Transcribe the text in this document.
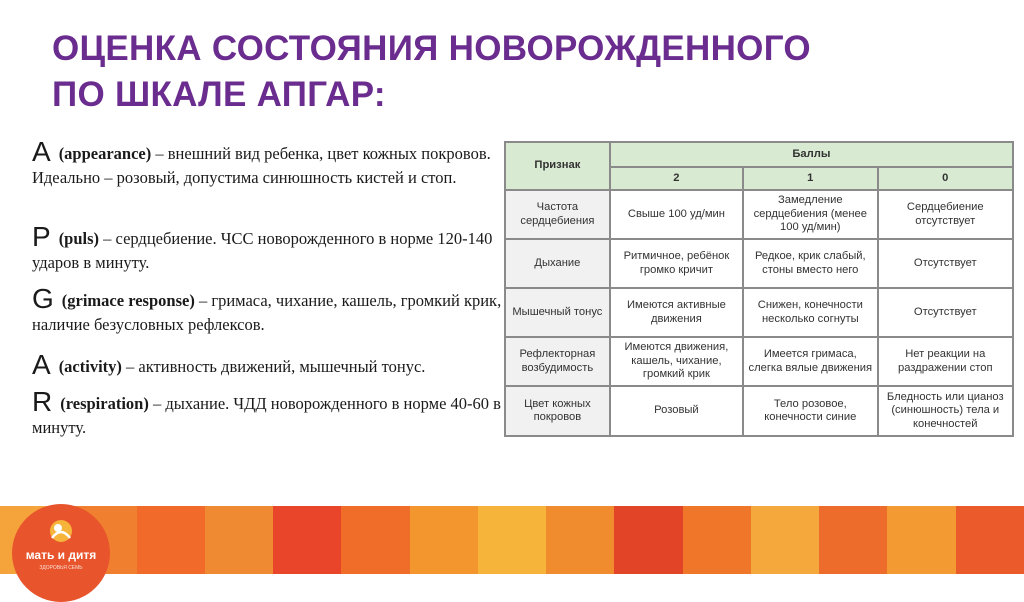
ОЦЕНКА СОСТОЯНИЯ НОВОРОЖДЕННОГО
ПО ШКАЛЕ АПГАР:

A (appearance) – внешний вид ребенка, цвет кожных покровов. Идеально – розовый, допустима синюшность кистей и стоп.

P (puls) – сердцебиение. ЧСС новорожденного в норме 120-140 ударов в минуту.

G (grimace response) – гримаса, чихание, кашель, громкий крик, наличие безусловных рефлексов.

A (activity) – активность движений, мышечный тонус.

R (respiration) – дыхание. ЧДД новорожденного в норме 40-60 в минуту.

Признак	Баллы		
	2	1	0
Частота сердцебиения	Свыше 100 уд/мин	Замедление сердцебиения (менее 100 уд/мин)	Сердцебиение отсутствует
Дыхание	Ритмичное, ребёнок громко кричит	Редкое, крик слабый, стоны вместо него	Отсутствует
Мышечный тонус	Имеются активные движения	Снижен, конечности несколько согнуты	Отсутствует
Рефлекторная возбудимость	Имеются движения, кашель, чихание, громкий крик	Имеется гримаса, слегка вялые движения	Нет реакции на раздражении стоп
Цвет кожных покровов	Розовый	Тело розовое, конечности синие	Бледность или цианоз (синюшность) тела и конечностей
мать и дитя
ЗДОРОВЬЯ СЕМЬ
